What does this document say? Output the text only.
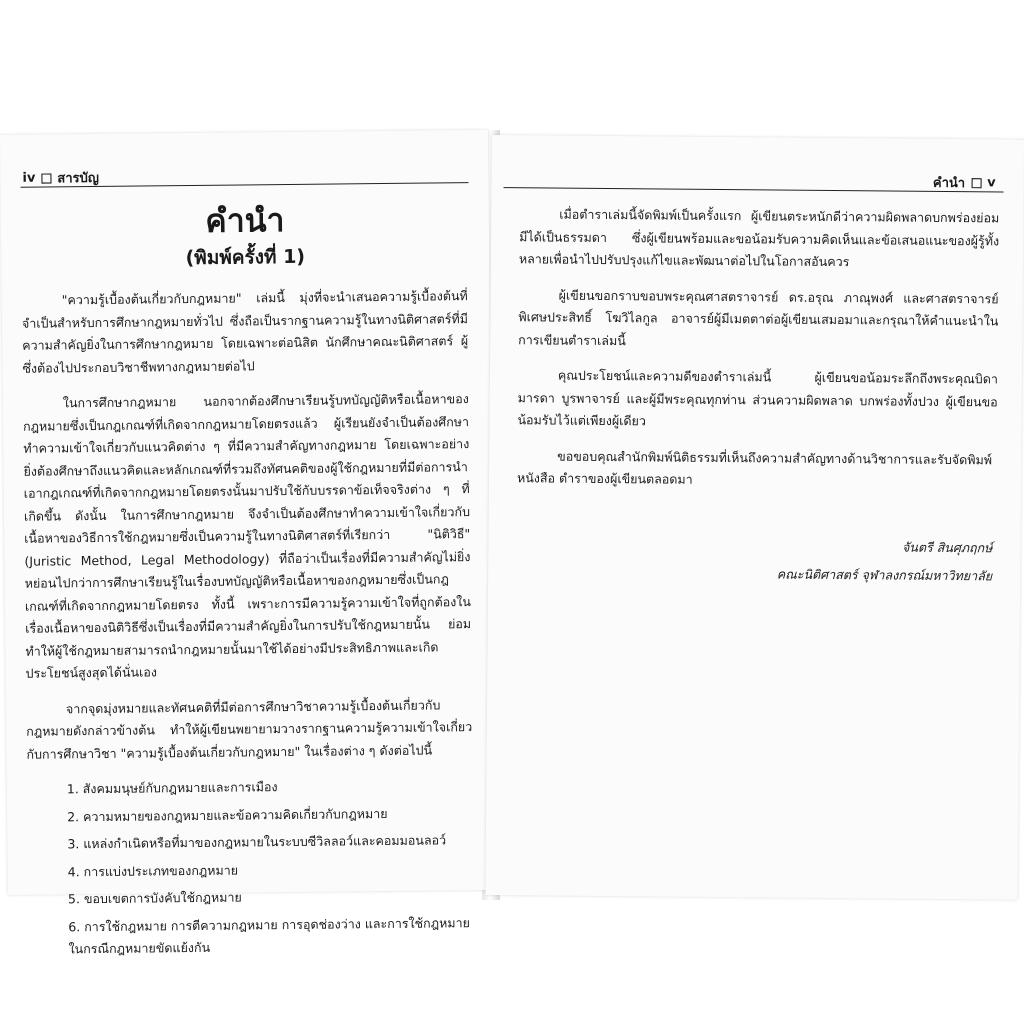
iv สารบัญ
คำนำ
(พิมพ์ครั้งที่ 1)

"ความรู้เบื้องต้นเกี่ยวกับกฎหมาย" เล่มนี้ มุ่งที่จะนำเสนอความรู้เบื้องต้นที่จำเป็นสำหรับการศึกษากฎหมายทั่วไป ซึ่งถือเป็นรากฐานความรู้ในทางนิติศาสตร์ที่มีความสำคัญยิ่งในการศึกษากฎหมาย โดยเฉพาะต่อนิสิต นักศึกษาคณะนิติศาสตร์ ผู้ซึ่งต้องไปประกอบวิชาชีพทางกฎหมายต่อไป

ในการศึกษากฎหมาย นอกจากต้องศึกษาเรียนรู้บทบัญญัติหรือเนื้อหาของกฎหมายซึ่งเป็นกฎเกณฑ์ที่เกิดจากกฎหมายโดยตรงแล้ว ผู้เรียนยังจำเป็นต้องศึกษาทำความเข้าใจเกี่ยวกับแนวคิดต่าง ๆ ที่มีความสำคัญทางกฎหมาย โดยเฉพาะอย่างยิ่งต้องศึกษาถึงแนวคิดและหลักเกณฑ์ที่รวมถึงทัศนคติของผู้ใช้กฎหมายที่มีต่อการนำเอากฎเกณฑ์ที่เกิดจากกฎหมายโดยตรงนั้นมาปรับใช้กับบรรดาข้อเท็จจริงต่าง ๆ ที่เกิดขึ้น ดังนั้น ในการศึกษากฎหมาย จึงจำเป็นต้องศึกษาทำความเข้าใจเกี่ยวกับเนื้อหาของวิธีการใช้กฎหมายซึ่งเป็นความรู้ในทางนิติศาสตร์ที่เรียกว่า "นิติวิธี" (Juristic Method, Legal Methodology) ที่ถือว่าเป็นเรื่องที่มีความสำคัญไม่ยิ่งหย่อนไปกว่าการศึกษาเรียนรู้ในเรื่องบทบัญญัติหรือเนื้อหาของกฎหมายซึ่งเป็นกฎเกณฑ์ที่เกิดจากกฎหมายโดยตรง ทั้งนี้ เพราะการมีความรู้ความเข้าใจที่ถูกต้องในเรื่องเนื้อหาของนิติวิธีซึ่งเป็นเรื่องที่มีความสำคัญยิ่งในการปรับใช้กฎหมายนั้น ย่อมทำให้ผู้ใช้กฎหมายสามารถนำกฎหมายนั้นมาใช้ได้อย่างมีประสิทธิภาพและเกิดประโยชน์สูงสุดได้นั่นเอง

จากจุดมุ่งหมายและทัศนคติที่มีต่อการศึกษาวิชาความรู้เบื้องต้นเกี่ยวกับกฎหมายดังกล่าวข้างต้น ทำให้ผู้เขียนพยายามวางรากฐานความรู้ความเข้าใจเกี่ยวกับการศึกษาวิชา "ความรู้เบื้องต้นเกี่ยวกับกฎหมาย" ในเรื่องต่าง ๆ ดังต่อไปนี้

1. สังคมมนุษย์กับกฎหมายและการเมือง
2. ความหมายของกฎหมายและข้อความคิดเกี่ยวกับกฎหมาย
3. แหล่งกำเนิดหรือที่มาของกฎหมายในระบบซีวิลลอว์และคอมมอนลอว์
4. การแบ่งประเภทของกฎหมาย
5. ขอบเขตการบังคับใช้กฎหมาย
6. การใช้กฎหมาย การตีความกฎหมาย การอุดช่องว่าง และการใช้กฎหมายในกรณีกฎหมายขัดแย้งกัน
คำนำ v

เมื่อตำราเล่มนี้จัดพิมพ์เป็นครั้งแรก ผู้เขียนตระหนักดีว่าความผิดพลาดบกพร่องย่อมมีได้เป็นธรรมดา ซึ่งผู้เขียนพร้อมและขอน้อมรับความคิดเห็นและข้อเสนอแนะของผู้รู้ทั้งหลายเพื่อนำไปปรับปรุงแก้ไขและพัฒนาต่อไปในโอกาสอันควร

ผู้เขียนขอกราบขอบพระคุณศาสตราจารย์ ดร.อรุณ ภาณุพงศ์ และศาสตราจารย์พิเศษประสิทธิ์ โฆวิไลกูล อาจารย์ผู้มีเมตตาต่อผู้เขียนเสมอมาและกรุณาให้คำแนะนำในการเขียนตำราเล่มนี้

คุณประโยชน์และความดีของตำราเล่มนี้ ผู้เขียนขอน้อมระลึกถึงพระคุณบิดา มารดา บูรพาจารย์ และผู้มีพระคุณทุกท่าน ส่วนความผิดพลาด บกพร่องทั้งปวง ผู้เขียนขอน้อมรับไว้แต่เพียงผู้เดียว

ขอขอบคุณสำนักพิมพ์นิติธรรมที่เห็นถึงความสำคัญทางด้านวิชาการและรับจัดพิมพ์หนังสือ ตำราของผู้เขียนตลอดมา

จันตรี สินศุภฤกษ์
คณะนิติศาสตร์ จุฬาลงกรณ์มหาวิทยาลัย
